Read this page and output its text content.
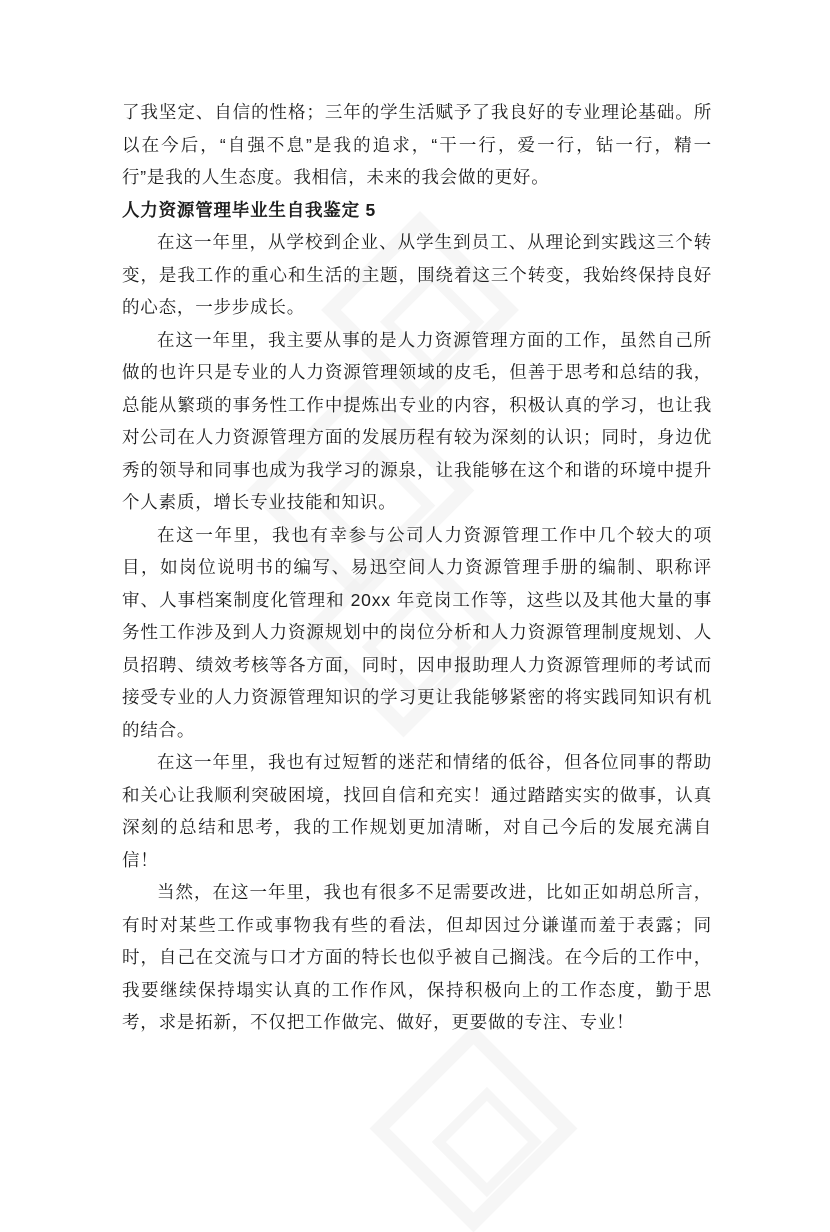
了我坚定、自信的性格；三年的学生活赋予了我良好的专业理论基础。所以在今后，“自强不息”是我的追求，“干一行，爱一行，钻一行，精一行”是我的人生态度。我相信，未来的我会做的更好。

人力资源管理毕业生自我鉴定 5

在这一年里，从学校到企业、从学生到员工、从理论到实践这三个转变，是我工作的重心和生活的主题，围绕着这三个转变，我始终保持良好的心态，一步步成长。

在这一年里，我主要从事的是人力资源管理方面的工作，虽然自己所做的也许只是专业的人力资源管理领域的皮毛，但善于思考和总结的我，总能从繁琐的事务性工作中提炼出专业的内容，积极认真的学习，也让我对公司在人力资源管理方面的发展历程有较为深刻的认识；同时，身边优秀的领导和同事也成为我学习的源泉，让我能够在这个和谐的环境中提升个人素质，增长专业技能和知识。

在这一年里，我也有幸参与公司人力资源管理工作中几个较大的项目，如岗位说明书的编写、易迅空间人力资源管理手册的编制、职称评审、人事档案制度化管理和 20xx 年竞岗工作等，这些以及其他大量的事务性工作涉及到人力资源规划中的岗位分析和人力资源管理制度规划、人员招聘、绩效考核等各方面，同时，因申报助理人力资源管理师的考试而接受专业的人力资源管理知识的学习更让我能够紧密的将实践同知识有机的结合。

在这一年里，我也有过短暂的迷茫和情绪的低谷，但各位同事的帮助和关心让我顺利突破困境，找回自信和充实！通过踏踏实实的做事，认真深刻的总结和思考，我的工作规划更加清晰，对自己今后的发展充满自信！

当然，在这一年里，我也有很多不足需要改进，比如正如胡总所言，有时对某些工作或事物我有些的看法，但却因过分谦谨而羞于表露；同时，自己在交流与口才方面的特长也似乎被自己搁浅。在今后的工作中，我要继续保持塌实认真的工作作风，保持积极向上的工作态度，勤于思考，求是拓新，不仅把工作做完、做好，更要做的专注、专业！
